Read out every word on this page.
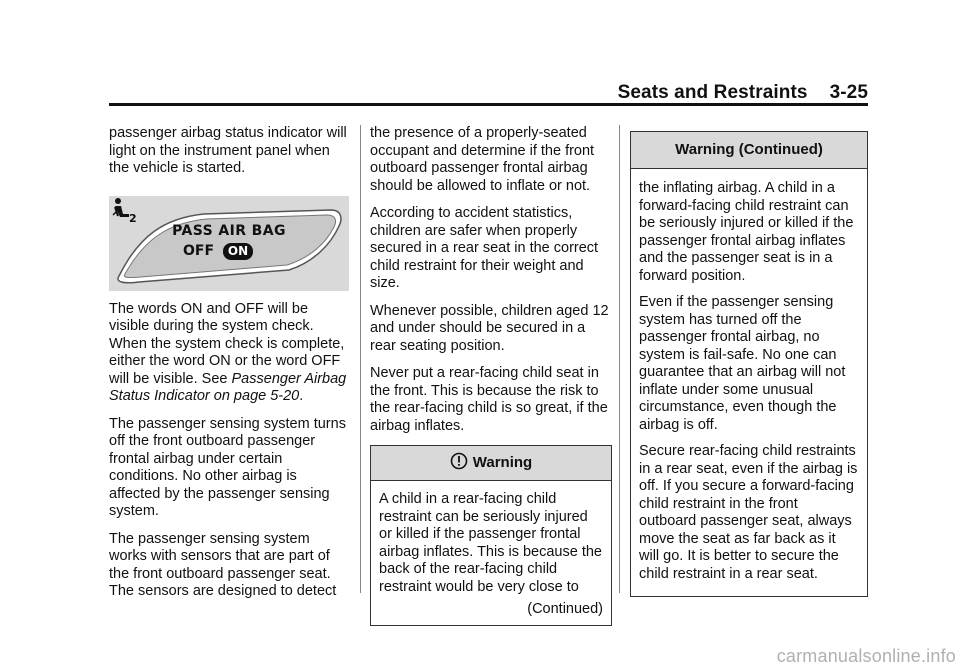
Seats and Restraints 3-25

passenger airbag status indicator will light on the instrument panel when the vehicle is started.

PASS AIR BAG
OFF	ON
2

The words ON and OFF will be visible during the system check. When the system check is complete, either the word ON or the word OFF will be visible. See Passenger Airbag Status Indicator on page 5-20.

The passenger sensing system turns off the front outboard passenger frontal airbag under certain conditions. No other airbag is affected by the passenger sensing system.

The passenger sensing system works with sensors that are part of the front outboard passenger seat. The sensors are designed to detect

the presence of a properly-seated occupant and determine if the front outboard passenger frontal airbag should be allowed to inflate or not.

According to accident statistics, children are safer when properly secured in a rear seat in the correct child restraint for their weight and size.

Whenever possible, children aged 12 and under should be secured in a rear seating position.

Never put a rear-facing child seat in the front. This is because the risk to the rear-facing child is so great, if the airbag inflates.

Warning

A child in a rear-facing child restraint can be seriously injured or killed if the passenger frontal airbag inflates. This is because the back of the rear-facing child restraint would be very close to

(Continued)
Warning (Continued)

the inflating airbag. A child in a forward-facing child restraint can be seriously injured or killed if the passenger frontal airbag inflates and the passenger seat is in a forward position.

Even if the passenger sensing system has turned off the passenger frontal airbag, no system is fail-safe. No one can guarantee that an airbag will not inflate under some unusual circumstance, even though the airbag is off.

Secure rear-facing child restraints in a rear seat, even if the airbag is off. If you secure a forward-facing child restraint in the front outboard passenger seat, always move the seat as far back as it will go. It is better to secure the child restraint in a rear seat.

carmanualsonline.info
